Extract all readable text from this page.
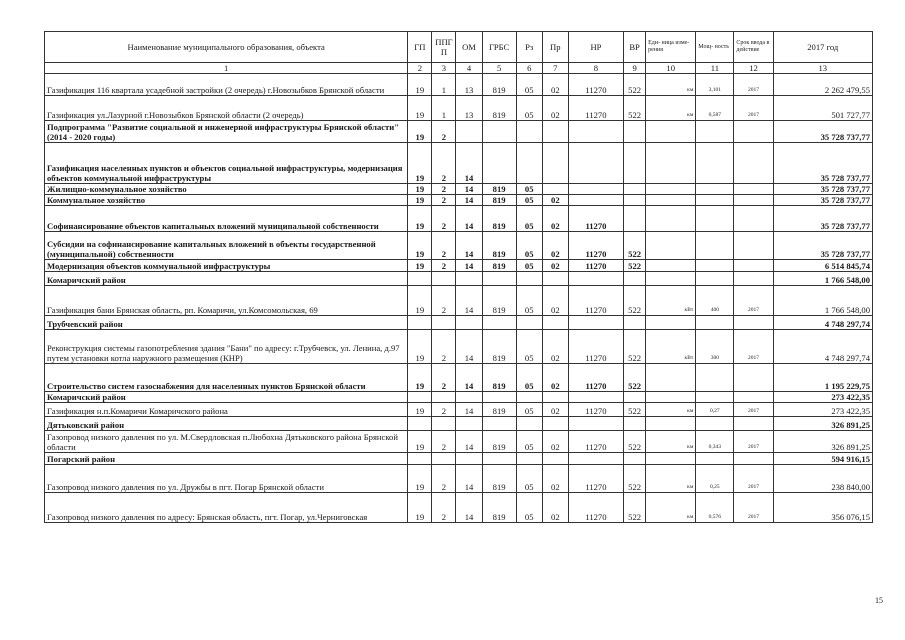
Наименование муниципального образования, объекта	ГП	ППГ П	ОМ	ГРБС	Рз	Пр	НР	ВР	Еди- ница изме- рения	Мощ- ность	Срок ввода в действие	2017 год
1	2	3	4	5	6	7	8	9	10	11	12	13
Газификация 116 квартала усадебной застройки (2 очередь) г.Новозыбков Брянской области	19	1	13	819	05	02	11270	522	км	3,101	2017	2 262 479,55
Газификация ул.Лазурной г.Новозыбков Брянской области (2 очередь)	19	1	13	819	05	02	11270	522	км	0,587	2017	501 727,77
Подпрограмма "Развитие социальной и инженерной инфраструктуры Брянской области" (2014 - 2020 годы)	19	2										35 728 737,77
Газификация населенных пунктов и объектов социальной инфраструктуры, модернизация объектов коммунальной инфраструктуры	19	2	14									35 728 737,77
Жилищно-коммунальное хозяйство	19	2	14	819	05							35 728 737,77
Коммунальное хозяйство	19	2	14	819	05	02						35 728 737,77
Софинансирование объектов капитальных вложений муниципальной собственности	19	2	14	819	05	02	11270					35 728 737,77
Субсидии на софинансирование капитальных вложений в объекты государственной (муниципальной) собственности	19	2	14	819	05	02	11270	522				35 728 737,77
Модернизация объектов коммунальной инфраструктуры	19	2	14	819	05	02	11270	522				6 514 845,74
Комаричский район												1 766 548,00
Газификация бани Брянская область, рп. Комаричи, ул.Комсомольская, 69	19	2	14	819	05	02	11270	522	кВт	400	2017	1 766 548,00
Трубчевский район												4 748 297,74
Реконструкция системы газопотребления здания "Бани" по адресу: г.Трубчевск, ул. Ленина, д.97 путем установки котла наружного размещения (КНР)	19	2	14	819	05	02	11270	522	кВт	300	2017	4 748 297,74
Строительство систем газоснабжения для населенных пунктов Брянской области	19	2	14	819	05	02	11270	522				1 195 229,75
Комаричский район												273 422,35
Газификация н.п.Комаричи Комаричского района	19	2	14	819	05	02	11270	522	км	0,27	2017	273 422,35
Дятьковский район												326 891,25
Газопровод низкого давления по ул. М.Свердловская п.Любохна Дятьковского района Брянской области	19	2	14	819	05	02	11270	522	км	0,343	2017	326 891,25
Погарский район												594 916,15
Газопровод низкого давления по ул. Дружбы в пгт. Погар Брянской области	19	2	14	819	05	02	11270	522	км	0,25	2017	238 840,00
Газопровод низкого давления по адресу: Брянская область, пгт. Погар, ул.Черниговская	19	2	14	819	05	02	11270	522	км	0,576	2017	356 076,15
15
